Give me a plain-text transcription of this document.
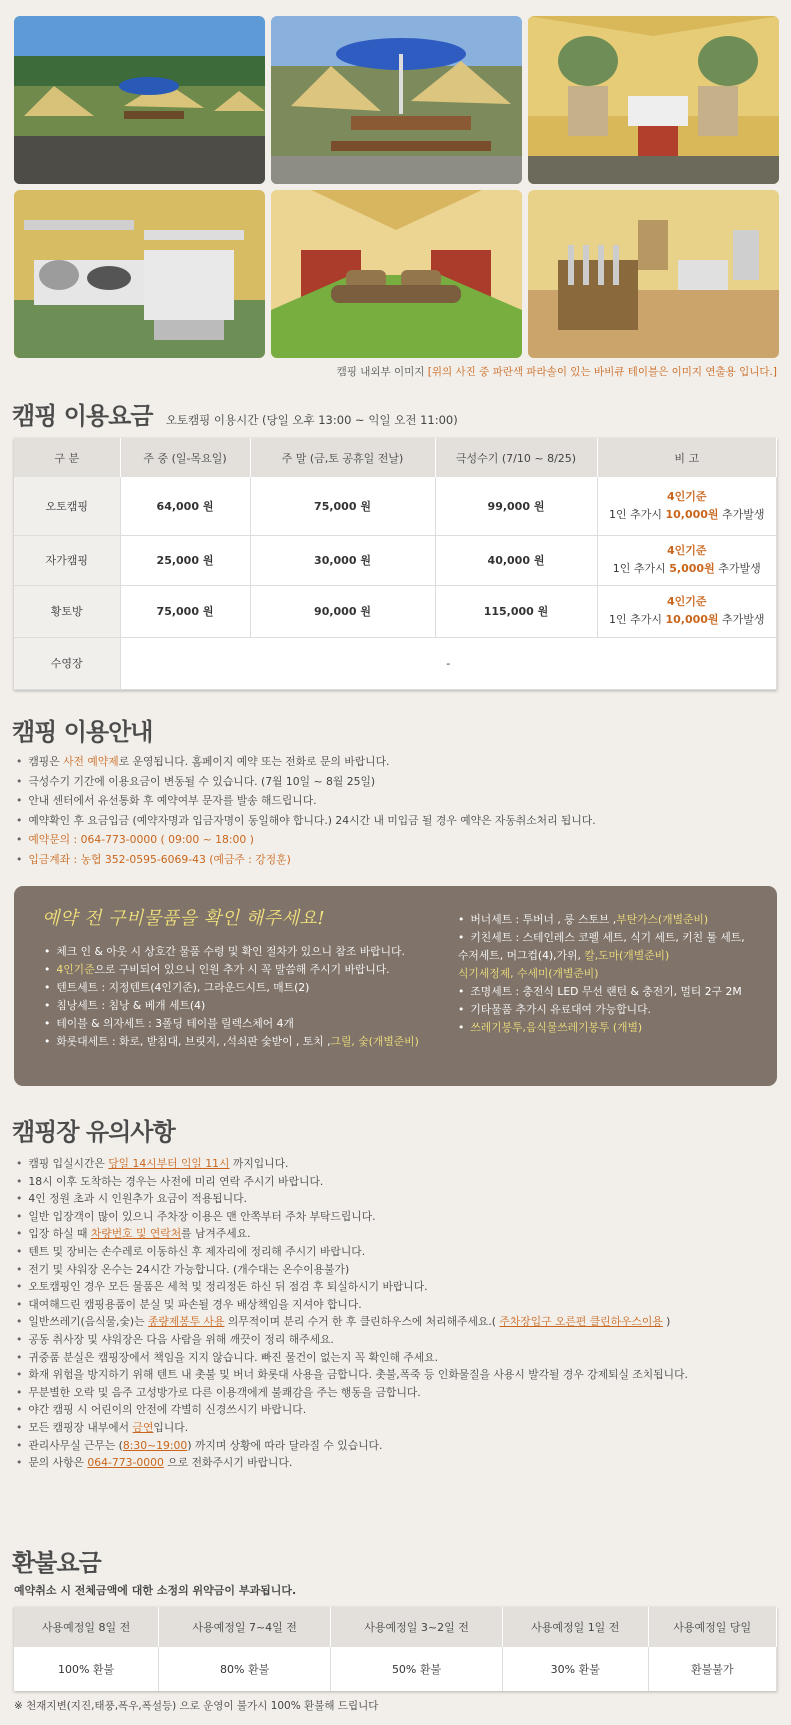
캠핑 내외부 이미지 [위의 사진 중 파란색 파라솔이 있는 바비큐 테이블은 이미지 연출용 입니다.]
캠핑 이용요금 오토캠핑 이용시간 (당일 오후 13:00 ~ 익일 오전 11:00)
구 분	주 중 (일-목요일)	주 말 (금,토 공휴일 전날)	극성수기 (7/10 ~ 8/25)	비 고
오토캠핑	64,000 원	75,000 원	99,000 원	4인기준
1인 추가시 10,000원 추가발생

자가캠핑	25,000 원	30,000 원	40,000 원	4인기준
1인 추가시 5,000원 추가발생

황토방	75,000 원	90,000 원	115,000 원	4인기준
1인 추가시 10,000원 추가발생

수영장	-			
캠핑 이용안내
• 캠핑은 사전 예약제로 운영됩니다. 홈페이지 예약 또는 전화로 문의 바랍니다.
• 극성수기 기간에 이용요금이 변동될 수 있습니다. (7월 10일 ~ 8월 25일)
• 안내 센터에서 유선통화 후 예약여부 문자를 발송 해드립니다.
• 예약확인 후 요금입금 (예약자명과 입금자명이 동일해야 합니다.) 24시간 내 미입금 될 경우 예약은 자동취소처리 됩니다.
• 예약문의 : 064-773-0000 ( 09:00 ~ 18:00 )
• 입금계좌 : 농협 352-0595-6069-43 (예금주 : 강정훈)
예약 전 구비물품을 확인 해주세요!
• 체크 인 & 아웃 시 상호간 물품 수령 및 확인 절차가 있으니 참조 바랍니다.
• 4인기준으로 구비되어 있으니 인원 추가 시 꼭 말씀해 주시기 바랍니다.
• 텐트세트 : 지정텐트(4인기준), 그라운드시트, 매트(2)
• 침낭세트 : 침낭 & 베개 세트(4)
• 테이블 & 의자세트 : 3폴딩 테이블 릴렉스체어 4개
• 화롯대세트 : 화로, 받침대, 브릿지, ,석쇠판 숯받이 , 토치 ,그릴, 숯(개별준비)
• 버너세트 : 투버너 , 룽 스토브 ,부탄가스(개별준비)
• 키친세트 : 스테인레스 코펠 세트, 식기 세트, 키친 툴 세트,
수저세트, 머그컵(4),가위, 칼,도마(개별준비)
식기세정제, 수세미(개별준비)
• 조명세트 : 충전식 LED 무선 랜턴 & 충전기, 멀티 2구 2M
• 기타물품 추가시 유료대여 가능합니다.
• 쓰레기봉투,음식물쓰레기봉투 (개별)
캠핑장 유의사항
• 캠핑 입실시간은 당일 14시부터 익일 11시 까지입니다.
• 18시 이후 도착하는 경우는 사전에 미리 연락 주시기 바랍니다.
• 4인 정원 초과 시 인원추가 요금이 적용됩니다.
• 일반 입장객이 많이 있으니 주차장 이용은 맨 안쪽부터 주차 부탁드립니다.
• 입장 하실 때 차량번호 및 연락처를 남겨주세요.
• 텐트 및 장비는 손수레로 이동하신 후 제자리에 정리해 주시기 바랍니다.
• 전기 및 샤워장 온수는 24시간 가능합니다. (개수대는 온수이용불가)
• 오토캠핑인 경우 모든 물품은 세척 및 정리정돈 하신 뒤 점검 후 퇴실하시기 바랍니다.
• 대여해드린 캠핑용품이 분실 및 파손될 경우 배상책임을 지셔야 합니다.
• 일반쓰레기(음식물,숯)는 종량제봉투 사용 의무적이며 분리 수거 한 후 클린하우스에 처리해주세요.( 주차장입구 오른편 클린하우스이용 )
• 공동 취사장 및 샤워장은 다음 사람을 위해 깨끗이 정리 해주세요.
• 귀중품 분실은 캠핑장에서 책임을 지지 않습니다. 빠진 물건이 없는지 꼭 확인해 주세요.
• 화재 위험을 방지하기 위해 텐트 내 촛불 및 버너 화롯대 사용을 금합니다. 촛불,폭죽 등 인화물질을 사용시 발각될 경우 강제퇴실 조치됩니다.
• 무분별한 오락 및 음주 고성방가로 다른 이용객에게 불쾌감을 주는 행동을 금합니다.
• 야간 캠핑 시 어린이의 안전에 각별히 신경쓰시기 바랍니다.
• 모든 캠핑장 내부에서 금연입니다.
• 관리사무실 근무는 (8:30~19:00) 까지며 상황에 따라 달라질 수 있습니다.
• 문의 사항은 064-773-0000 으로 전화주시기 바랍니다.
환불요금
예약취소 시 전체금액에 대한 소정의 위약금이 부과됩니다.
사용예정일 8일 전	사용예정일 7~4일 전	사용예정일 3~2일 전	사용예정일 1일 전	사용예정일 당일
100% 환불	80% 환불	50% 환불	30% 환불	환불불가
※ 천재지변(지진,태풍,폭우,폭설등) 으로 운영이 불가시 100% 환불해 드립니다
